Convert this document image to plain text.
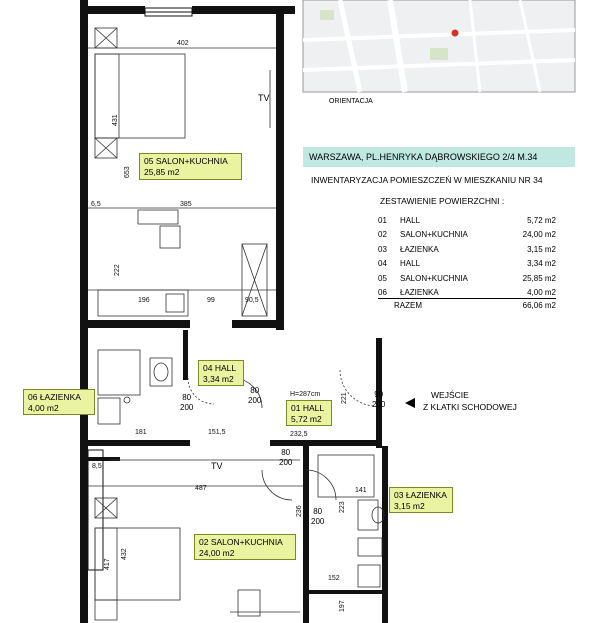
ORIENTACJA
WARSZAWA, PL.HENRYKA DĄBROWSKIEGO 2/4 M.34
INWENTARYZACJA POMIESZCZEŃ W MIESZKANIU NR 34
ZESTAWIENIE POWIERZCHNI :
01	HALL	5,72 m2
02	SALON+KUCHNIA	24,00 m2
03	ŁAZIENKA	3,15 m2
04	HALL	3,34 m2
05	SALON+KUCHNIA	25,85 m2
06	ŁAZIENKA	4,00 m2
RAZEM	66,06 m2
WEJŚCIE
Z KLATKI SCHODOWEJ
05 SALON+KUCHNIA
25,85 m2
04 HALL
3,34 m2
06 ŁAZIENKA
4,00 m2	01 HALL
5,72 m2
03 ŁAZIENKA
3,15 m2
02 SALON+KUCHNIA
24,00 m2
402
431
653
6,5	385
222
196	99	90,5
181	151,5	232,5
221
H=287cm
487
417
432
236	223
141
152
197
8,5
TV
TV
80
200
80
200
90
200
80
200
80
200
